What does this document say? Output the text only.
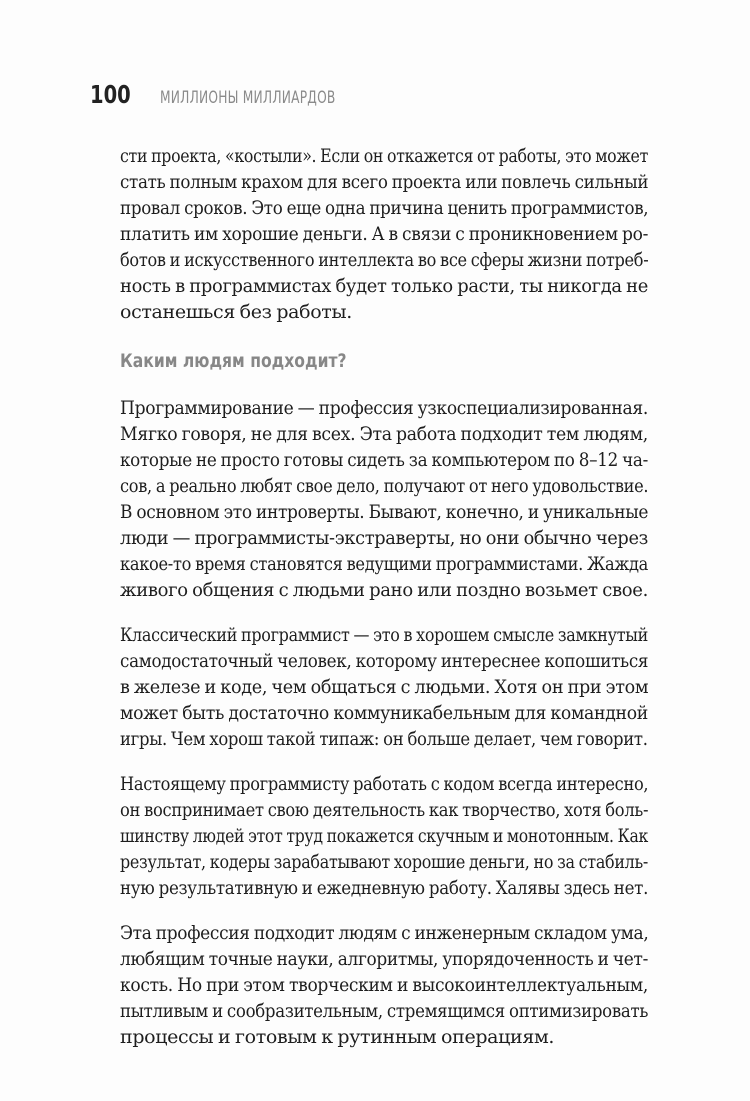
100 МИЛЛИОНЫ МИЛЛИАРДОВ
сти проекта, «костыли». Если он откажется от работы, это может
стать полным крахом для всего проекта или повлечь сильный
провал сроков. Это еще одна причина ценить программистов,
платить им хорошие деньги. А в связи с проникновением ро-
ботов и искусственного интеллекта во все сферы жизни потреб-
ность в программистах будет только расти, ты никогда не
останешься без работы.
Каким людям подходит?
Программирование — профессия узкоспециализированная.
Мягко говоря, не для всех. Эта работа подходит тем людям,
которые не просто готовы сидеть за компьютером по 8–12 ча-
сов, а реально любят свое дело, получают от него удовольствие.
В основном это интроверты. Бывают, конечно, и уникальные
люди — программисты-экстраверты, но они обычно через
какое-то время становятся ведущими программистами. Жажда
живого общения с людьми рано или поздно возьмет свое.
Классический программист — это в хорошем смысле замкнутый
самодостаточный человек, которому интереснее копошиться
в железе и коде, чем общаться с людьми. Хотя он при этом
может быть достаточно коммуникабельным для командной
игры. Чем хорош такой типаж: он больше делает, чем говорит.
Настоящему программисту работать с кодом всегда интересно,
он воспринимает свою деятельность как творчество, хотя боль-
шинству людей этот труд покажется скучным и монотонным. Как
результат, кодеры зарабатывают хорошие деньги, но за стабиль-
ную результативную и ежедневную работу. Халявы здесь нет.
Эта профессия подходит людям с инженерным складом ума,
любящим точные науки, алгоритмы, упорядоченность и чет-
кость. Но при этом творческим и высокоинтеллектуальным,
пытливым и сообразительным, стремящимся оптимизировать
процессы и готовым к рутинным операциям.
